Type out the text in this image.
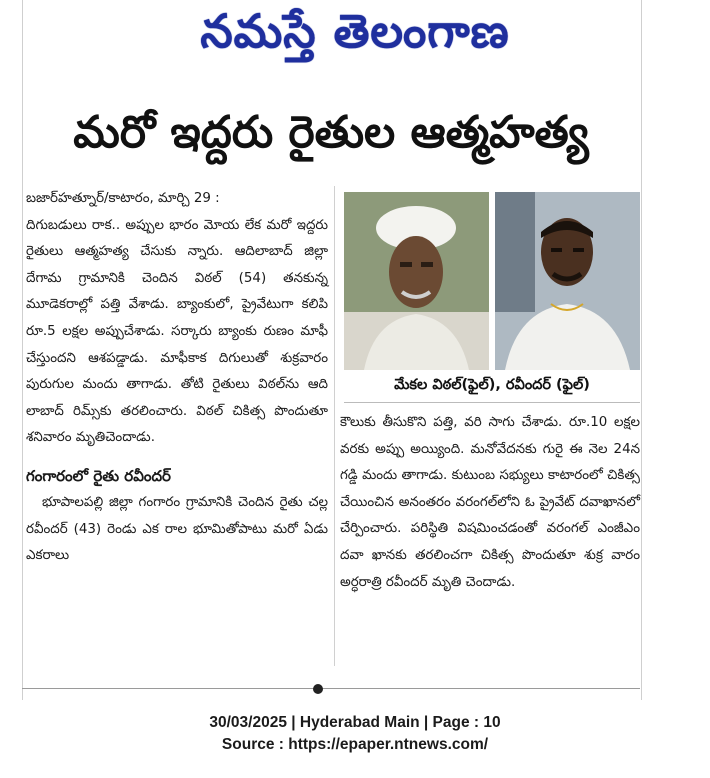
నమస్తే తెలంగాణ
మరో ఇద్దరు రైతుల ఆత్మహత్య

బజార్‌హత్నూర్/కాటారం, మార్చి 29 :

దిగుబడులు రాక.. అప్పుల భారం మోయ లేక మరో ఇద్దరు రైతులు ఆత్మహత్య చేసుకు న్నారు. ఆదిలాబాద్ జిల్లా దేగామ గ్రామానికి చెందిన విఠల్ (54) తనకున్న మూడెకరాల్లో పత్తి వేశాడు. బ్యాంకులో, ప్రైవేటుగా కలిపి రూ.5 లక్షల అప్పుచేశాడు. సర్కారు బ్యాంకు రుణం మాఫీ చేస్తుందని ఆశపడ్డాడు. మాఫీకాక దిగులుతో శుక్రవారం పురుగుల మందు తాగాడు. తోటి రైతులు విఠల్‌ను ఆది లాబాద్ రిమ్స్‌కు తరలించారు. విఠల్ చికిత్స పొందుతూ శనివారం మృతిచెందాడు.

గంగారంలో రైతు రవీందర్

భూపాలపల్లి జిల్లా గంగారం గ్రామానికి చెందిన రైతు చల్ల రవీందర్ (43) రెండు ఎక రాల భూమితోపాటు మరో ఏడు ఎకరాలు

మేకల విఠల్(ఫైల్), రవీందర్ (ఫైల్)

కౌలుకు తీసుకొని పత్తి, వరి సాగు చేశాడు. రూ.10 లక్షల వరకు అప్పు అయ్యింది. మనోవేదనకు గురై ఈ నెల 24న గడ్డి మందు తాగాడు. కుటుంబ సభ్యులు కాటారంలో చికిత్స చేయించిన అనంతరం వరంగల్‌లోని ఓ ప్రైవేట్ దవాఖానలో చేర్పించారు. పరిస్థితి విషమించడంతో వరంగల్ ఎంజీఎం దవా ఖానకు తరలించగా చికిత్స పొందుతూ శుక్ర వారం అర్ధరాత్రి రవీందర్ మృతి చెందాడు.

30/03/2025 | Hyderabad Main | Page : 10
Source : https://epaper.ntnews.com/
